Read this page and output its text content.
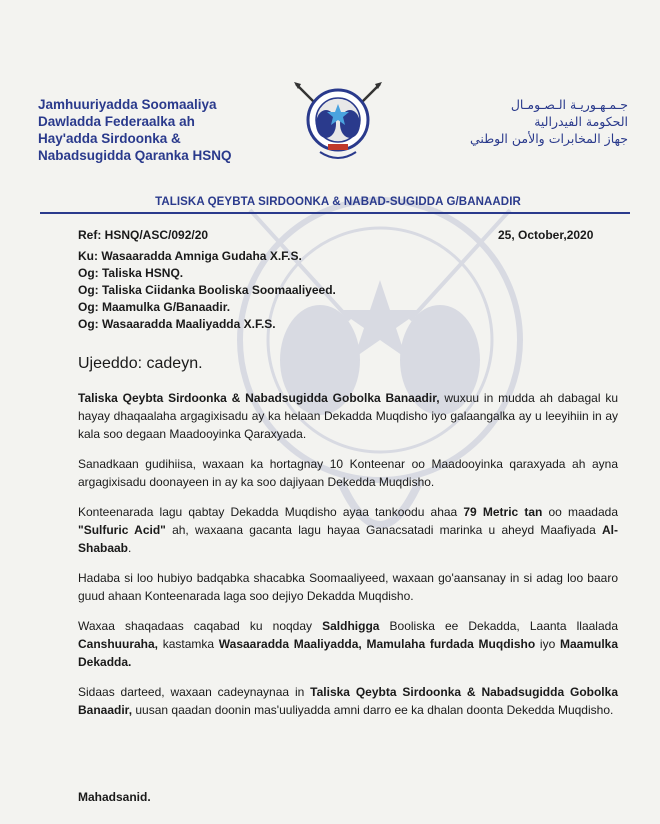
Jamhuuriyadda Soomaaliya
Dawladda Federaalka ah
Hay'adda Sirdoonka &
Nabadsugidda Qaranka HSNQ
جـمـهـوريـة الـصـومـال
الحكومة الفيدرالية
جهاز المخابرات والأمن الوطني
TALISKA QEYBTA SIRDOONKA & NABAD-SUGIDDA G/BANAADIR
Ref: HSNQ/ASC/092/20	25, October,2020
Ku: Wasaaradda Amniga Gudaha X.F.S.
Og: Taliska HSNQ.
Og: Taliska Ciidanka Booliska Soomaaliyeed.
Og: Maamulka G/Banaadir.
Og: Wasaaradda Maaliyadda X.F.S.
Ujeeddo: cadeyn.

Taliska Qeybta Sirdoonka & Nabadsugidda Gobolka Banaadir, wuxuu in mudda ah dabagal ku hayay dhaqaalaha argagixisadu ay ka helaan Dekadda Muqdisho iyo galaangalka ay u leeyihiin in ay kala soo degaan Maadooyinka Qaraxyada.

Sanadkaan gudihiisa, waxaan ka hortagnay 10 Konteenar oo Maadooyinka qaraxyada ah ayna argagixisadu doonayeen in ay ka soo dajiyaan Dekedda Muqdisho.

Konteenarada lagu qabtay Dekadda Muqdisho ayaa tankoodu ahaa 79 Metric tan oo maadada "Sulfuric Acid" ah, waxaana gacanta lagu hayaa Ganacsatadi marinka u aheyd Maafiyada Al-Shabaab.

Hadaba si loo hubiyo badqabka shacabka Soomaaliyeed, waxaan go'aansanay in si adag loo baaro guud ahaan Konteenarada laga soo dejiyo Dekadda Muqdisho.

Waxaa shaqadaas caqabad ku noqday Saldhigga Booliska ee Dekadda, Laanta llaalada Canshuuraha, kastamka Wasaaradda Maaliyadda, Mamulaha furdada Muqdisho iyo Maamulka Dekadda.

Sidaas darteed, waxaan cadeynaynaa in Taliska Qeybta Sirdoonka & Nabadsugidda Gobolka Banaadir, uusan qaadan doonin mas'uuliyadda amni darro ee ka dhalan doonta Dekedda Muqdisho.

Mahadsanid.
